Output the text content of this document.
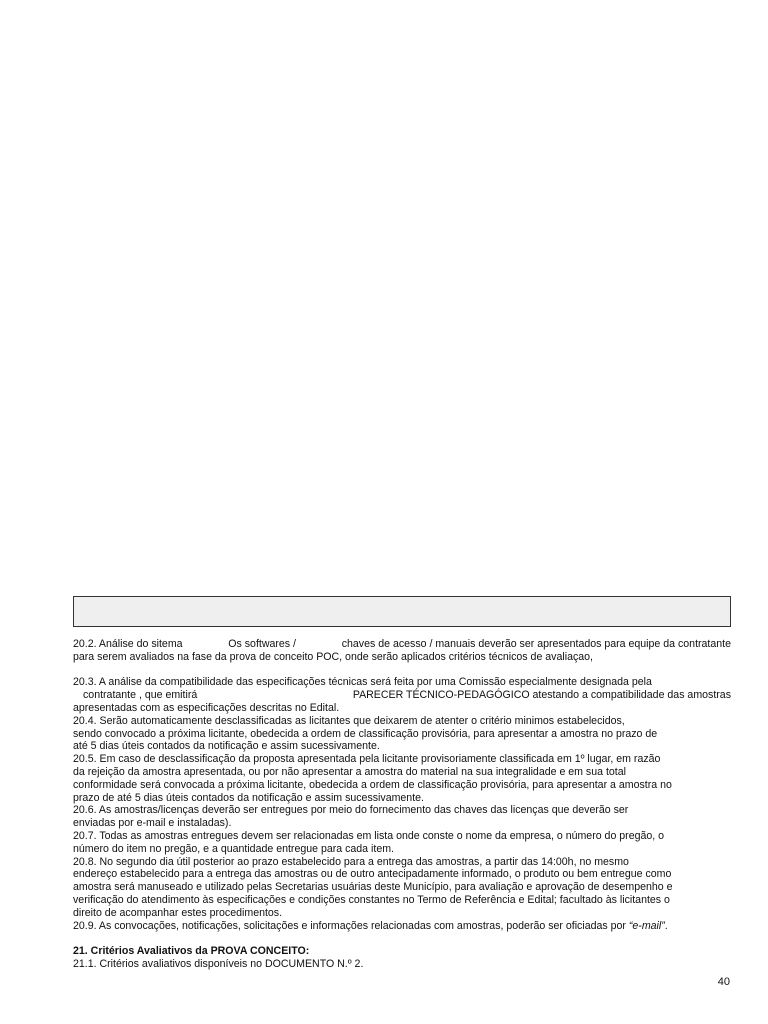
20.2. Análise do sitema	Os softwares /	chaves de acesso / manuais deverão ser apresentados para equipe da contratante
para serem avaliados na fase da prova de conceito POC, onde serão aplicados critérios técnicos de avaliaçao,
20.3. A análise da compatibilidade das especificações técnicas será feita por uma Comissão especialmente designada pela
contratante , que emitirá	PARECER TÉCNICO-PEDAGÓGICO atestando a compatibilidade das amostras
apresentadas com as especificações descritas no Edital.
20.4. Serão automaticamente desclassificadas as licitantes que deixarem de atenter o critério minimos estabelecidos,
sendo convocado a próxima licitante, obedecida a ordem de classificação provisória, para apresentar a amostra no prazo de
até 5 dias úteis contados da notificação e assim sucessivamente.
20.5. Em caso de desclassificação da proposta apresentada pela licitante provisoriamente classificada em 1º lugar, em razão
da rejeição da amostra apresentada, ou por não apresentar a amostra do material na sua integralidade e em sua total
conformidade será convocada a próxima licitante, obedecida a ordem de classificação provisória, para apresentar a amostra no
prazo de até 5 dias úteis contados da notificação e assim sucessivamente.
20.6. As amostras/licenças deverão ser entregues por meio do fornecimento das chaves das licenças que deverão ser
enviadas por e-mail e instaladas).
20.7. Todas as amostras entregues devem ser relacionadas em lista onde conste o nome da empresa, o número do pregão, o
número do item no pregão, e a quantidade entregue para cada item.
20.8. No segundo dia útil posterior ao prazo estabelecido para a entrega das amostras, a partir das 14:00h, no mesmo
endereço estabelecido para a entrega das amostras ou de outro antecipadamente informado, o produto ou bem entregue como
amostra será manuseado e utilizado pelas Secretarias usuárias deste Município, para avaliação e aprovação de desempenho e
verificação do atendimento às especificações e condições constantes no Termo de Referência e Edital; facultado às licitantes o
direito de acompanhar estes procedimentos.
20.9. As convocações, notificações, solicitações e informações relacionadas com amostras, poderão ser oficiadas por “e-mail”.
21. Critérios Avaliativos da PROVA CONCEITO:
21.1. Critérios avaliativos disponíveis no DOCUMENTO N.º 2.
40
